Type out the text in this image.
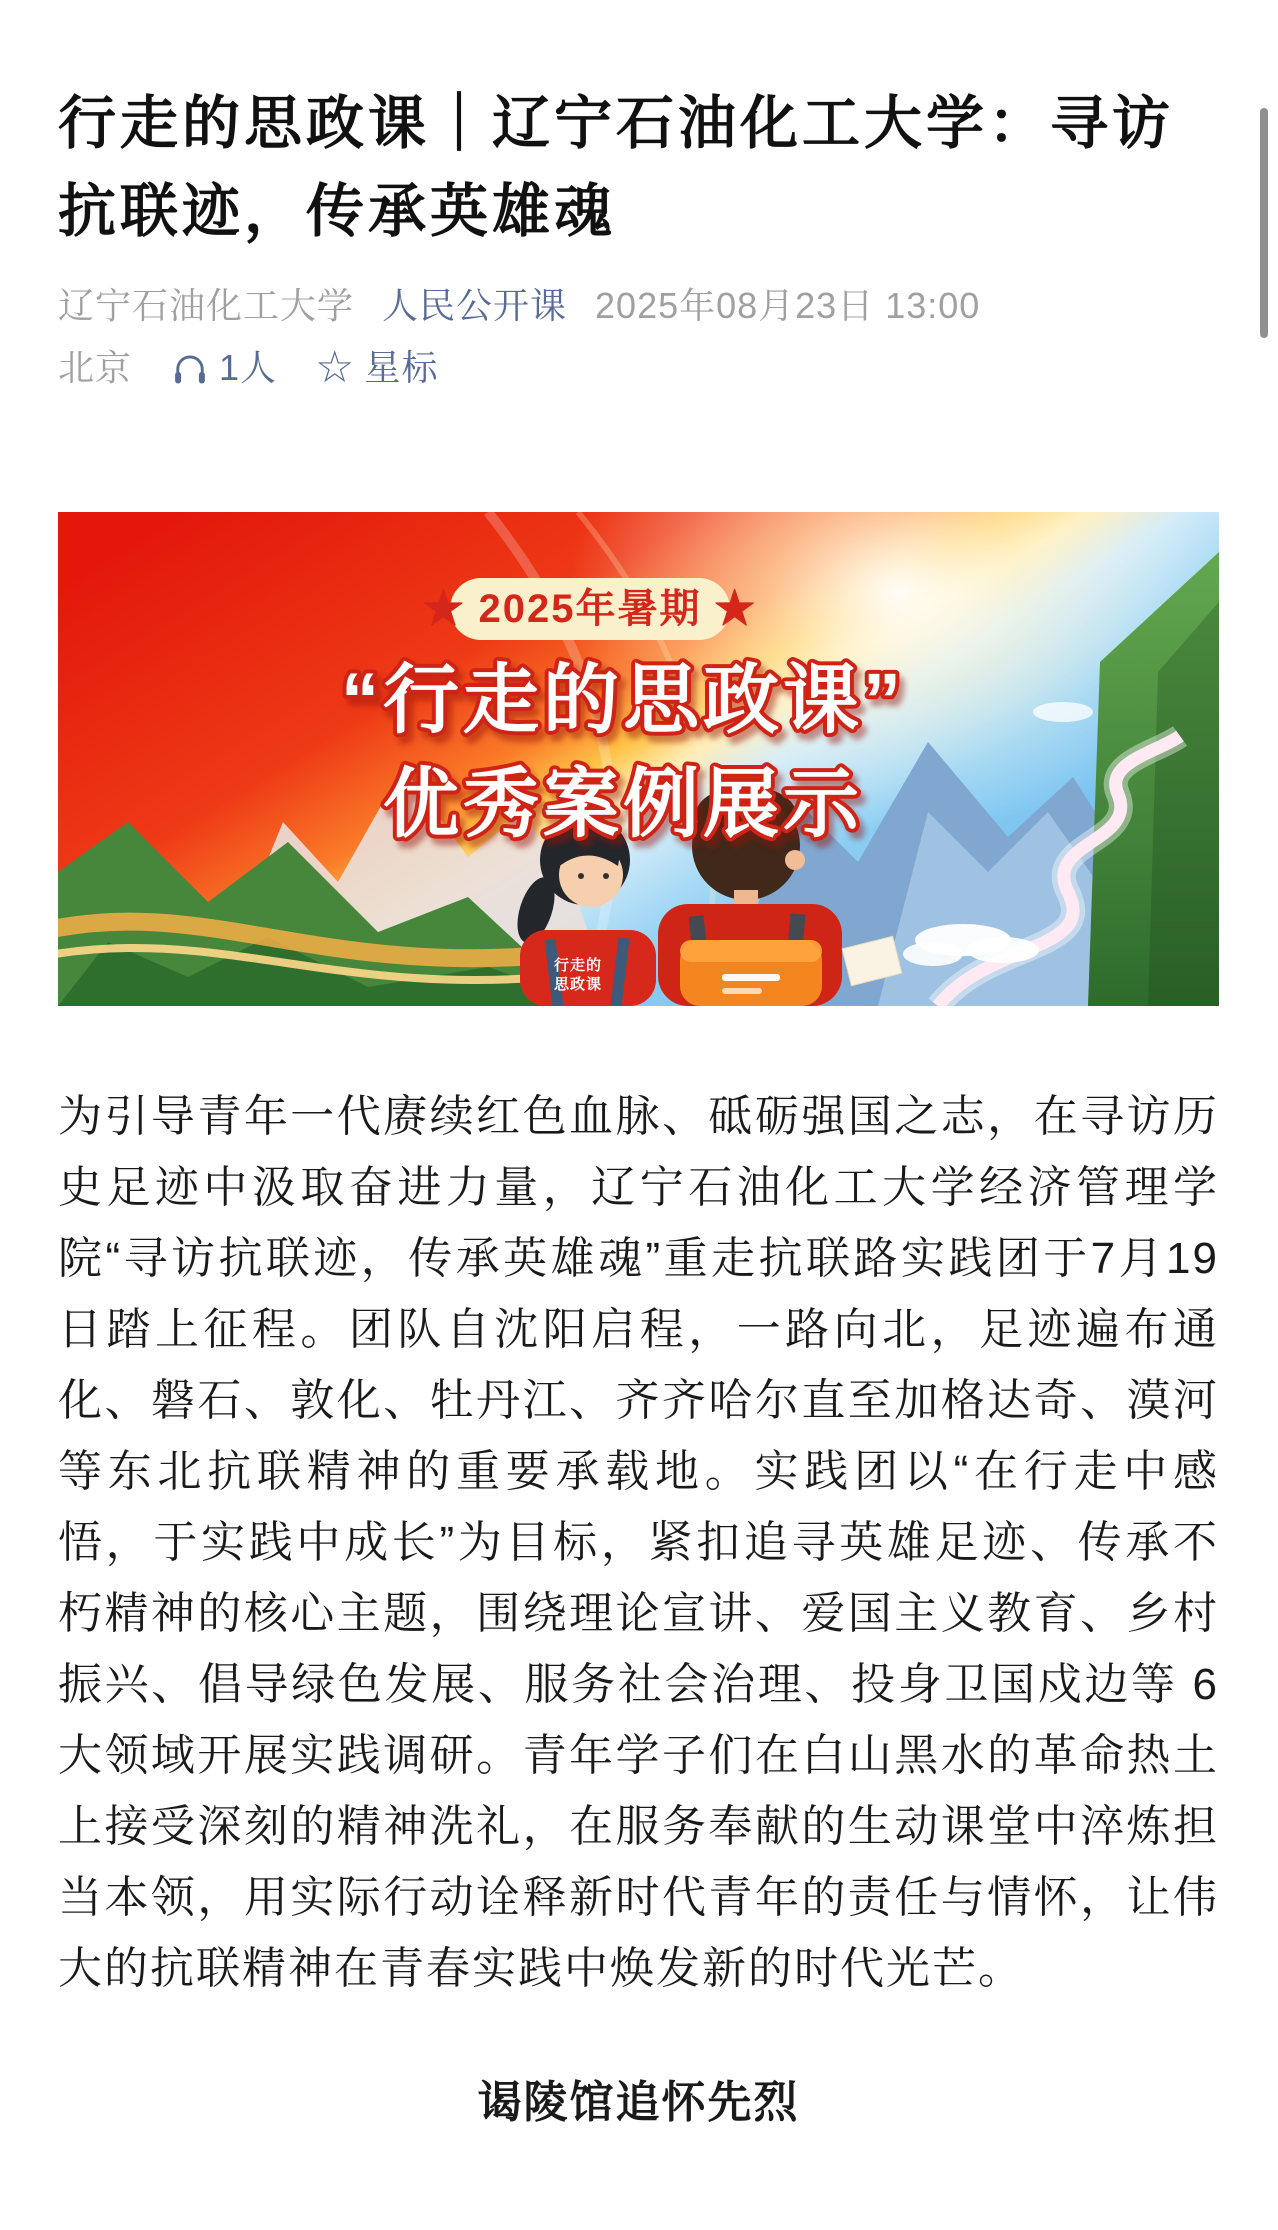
行走的思政课｜辽宁石油化工大学：寻访抗联迹，传承英雄魂
辽宁石油化工大学 人民公开课 2025年08月23日 13:00
北京 1人 ☆ 星标
行走的
思政课
★ 2025年暑期 ★
“行走的思政课”
优秀案例展示

为引导青年一代赓续红色血脉、砥砺强国之志，在寻访历史足迹中汲取奋进力量，辽宁石油化工大学经济管理学院“寻访抗联迹，传承英雄魂”重走抗联路实践团于7月19日踏上征程。团队自沈阳启程，一路向北，足迹遍布通化、磐石、敦化、牡丹江、齐齐哈尔直至加格达奇、漠河等东北抗联精神的重要承载地。实践团以“在行走中感悟，于实践中成长”为目标，紧扣追寻英雄足迹、传承不朽精神的核心主题，围绕理论宣讲、爱国主义教育、乡村振兴、倡导绿色发展、服务社会治理、投身卫国戍边等 6 大领域开展实践调研。青年学子们在白山黑水的革命热土上接受深刻的精神洗礼，在服务奉献的生动课堂中淬炼担当本领，用实际行动诠释新时代青年的责任与情怀，让伟大的抗联精神在青春实践中焕发新的时代光芒。

谒陵馆追怀先烈
